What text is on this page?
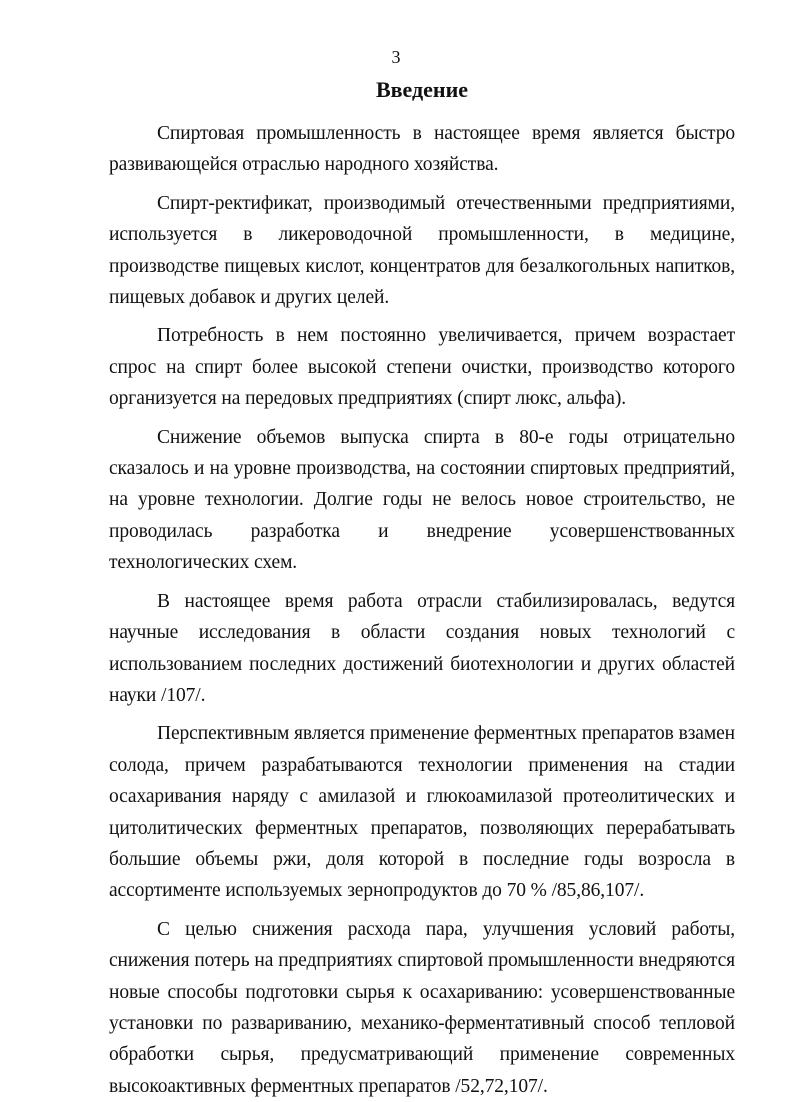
3
Введение

Спиртовая промышленность в настоящее время является быстро развивающейся отраслью народного хозяйства.

Спирт-ректификат, производимый отечественными предприятиями, используется в ликероводочной промышленности, в медицине, производстве пищевых кислот, концентратов для безалкогольных напитков, пищевых добавок и других целей.

Потребность в нем постоянно увеличивается, причем возрастает спрос на спирт более высокой степени очистки, производство которого организуется на передовых предприятиях (спирт люкс, альфа).

Снижение объемов выпуска спирта в 80-е годы отрицательно сказалось и на уровне производства, на состоянии спиртовых предприятий, на уровне технологии. Долгие годы не велось новое строительство, не проводилась разработка и внедрение усовершенствованных технологических схем.

В настоящее время работа отрасли стабилизировалась, ведутся научные исследования в области создания новых технологий с использованием последних достижений биотехнологии и других областей науки /107/.

Перспективным является применение ферментных препаратов взамен солода, причем разрабатываются технологии применения на стадии осахаривания наряду с амилазой и глюкоамилазой протеолитических и цитолитических ферментных препаратов, позволяющих перерабатывать большие объемы ржи, доля которой в последние годы возросла в ассортименте используемых зернопродуктов до 70 % /85,86,107/.

С целью снижения расхода пара, улучшения условий работы, снижения потерь на предприятиях спиртовой промышленности внедряются новые способы подготовки сырья к осахариванию: усовершенствованные установки по развариванию, механико-ферментативный способ тепловой обработки сырья, предусматривающий применение современных высокоактивных ферментных препаратов /52,72,107/.
